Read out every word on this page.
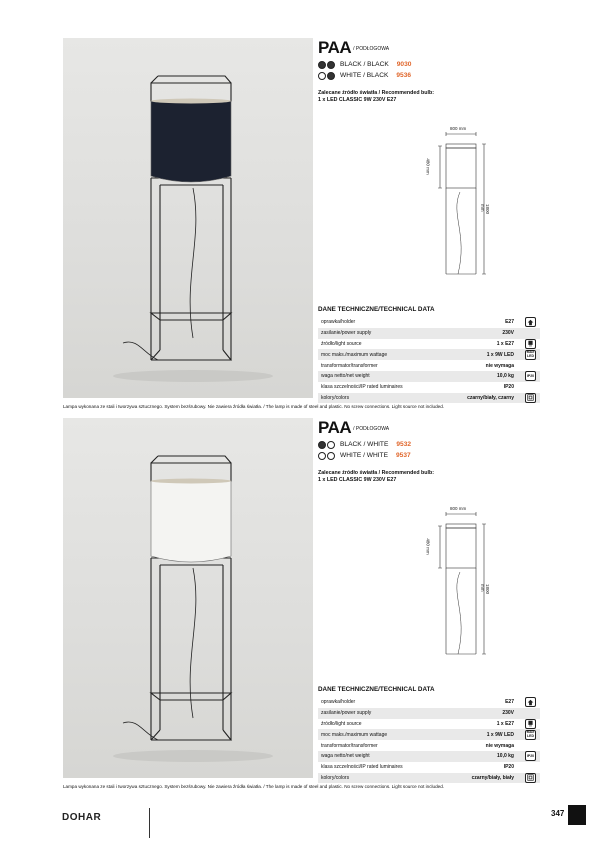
PAA / PODŁOGOWA
BLACK / BLACK 9030
WHITE / BLACK 9536
Zalecane źródło światła / Recommended bulb:
1 x LED CLASSIC 9W 230V E27
800 mm
480 mm
1800 mm
DANE TECHNICZNE/TECHNICAL DATA
oprawka/holder	E27
zasilanie/power supply	230V
źródło/light source	1 x E27
moc maks./maximum wattage	1 x 9W LED	MAX LED
transformator/transformer	nie wymaga
waga netto/net weight	10,0 kg	IP20
klasa szczelności/IP rated luminaires	IP20
kolory/colors	czarny/biały, czarny
Lampa wykonana ze stali i tworzywa sztucznego. System bezśrubowy. Nie zawiera źródła światła. / The lamp is made of steel and plastic. No screw connections. Light source not included.
PAA / PODŁOGOWA
BLACK / WHITE 9532
WHITE / WHITE 9537
Zalecane źródło światła / Recommended bulb:
1 x LED CLASSIC 9W 230V E27
800 mm
480 mm
1800 mm
DANE TECHNICZNE/TECHNICAL DATA
oprawka/holder	E27
zasilanie/power supply	230V
źródło/light source	1 x E27
moc maks./maximum wattage	1 x 9W LED	MAX LED
transformator/transformer	nie wymaga
waga netto/net weight	10,0 kg	IP20
klasa szczelności/IP rated luminaires	IP20
kolory/colors	czarny/biały, biały
Lampa wykonana ze stali i tworzywa sztucznego. System bezśrubowy. Nie zawiera źródła światła. / The lamp is made of steel and plastic. No screw connections. Light source not included.
DOHAR	347
